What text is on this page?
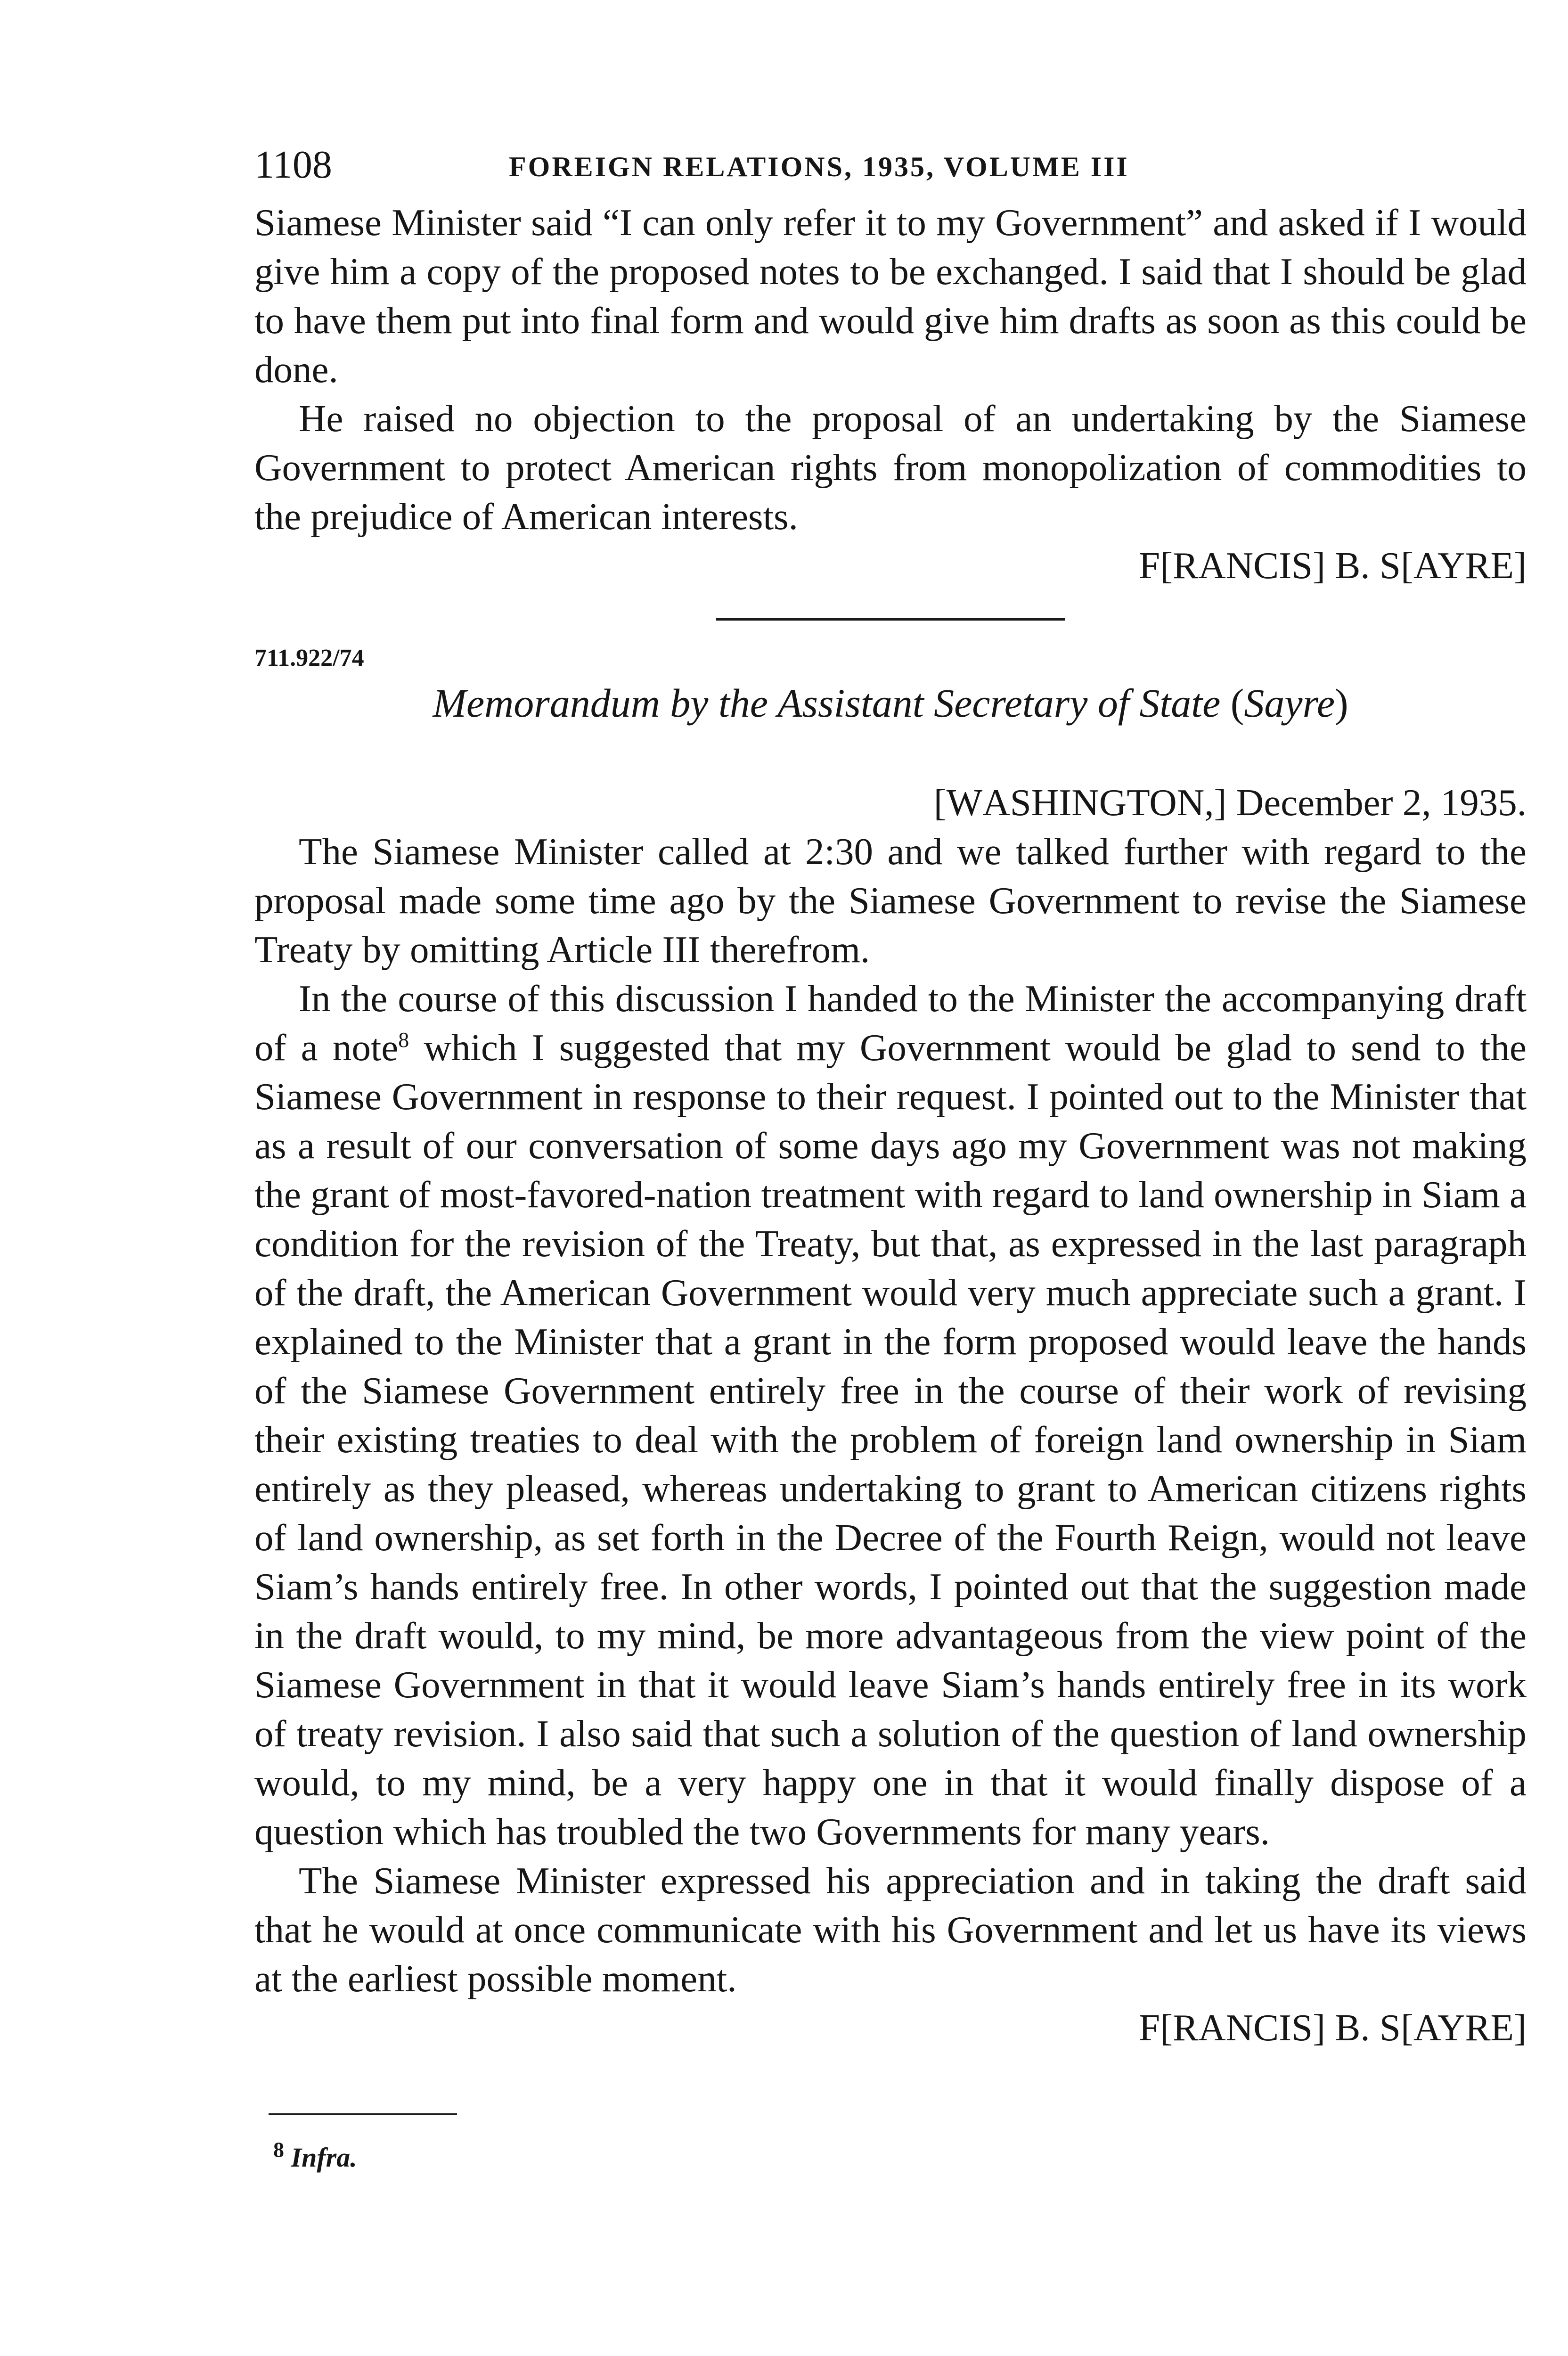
1108	FOREIGN RELATIONS, 1935, VOLUME III

Siamese Minister said “I can only refer it to my Government” and asked if I would give him a copy of the proposed notes to be exchanged. I said that I should be glad to have them put into final form and would give him drafts as soon as this could be done.

He raised no objection to the proposal of an undertaking by the Siamese Government to protect American rights from monopolization of commodities to the prejudice of American interests.

F[RANCIS] B. S[AYRE]
711.922/74
Memorandum by the Assistant Secretary of State (Sayre)
[WASHINGTON,] December 2, 1935.

The Siamese Minister called at 2:30 and we talked further with regard to the proposal made some time ago by the Siamese Government to revise the Siamese Treaty by omitting Article III therefrom.

In the course of this discussion I handed to the Minister the accompanying draft of a note$^8$ which I suggested that my Government would be glad to send to the Siamese Government in response to their request. I pointed out to the Minister that as a result of our conversation of some days ago my Government was not making the grant of most-favored-nation treatment with regard to land ownership in Siam a condition for the revision of the Treaty, but that, as expressed in the last paragraph of the draft, the American Government would very much appreciate such a grant. I explained to the Minister that a grant in the form proposed would leave the hands of the Siamese Government entirely free in the course of their work of revising their existing treaties to deal with the problem of foreign land ownership in Siam entirely as they pleased, whereas undertaking to grant to American citizens rights of land ownership, as set forth in the Decree of the Fourth Reign, would not leave Siam’s hands entirely free. In other words, I pointed out that the suggestion made in the draft would, to my mind, be more advantageous from the view point of the Siamese Government in that it would leave Siam’s hands entirely free in its work of treaty revision. I also said that such a solution of the question of land ownership would, to my mind, be a very happy one in that it would finally dispose of a question which has troubled the two Governments for many years.

The Siamese Minister expressed his appreciation and in taking the draft said that he would at once communicate with his Government and let us have its views at the earliest possible moment.

F[RANCIS] B. S[AYRE]
$^8$ Infra.
